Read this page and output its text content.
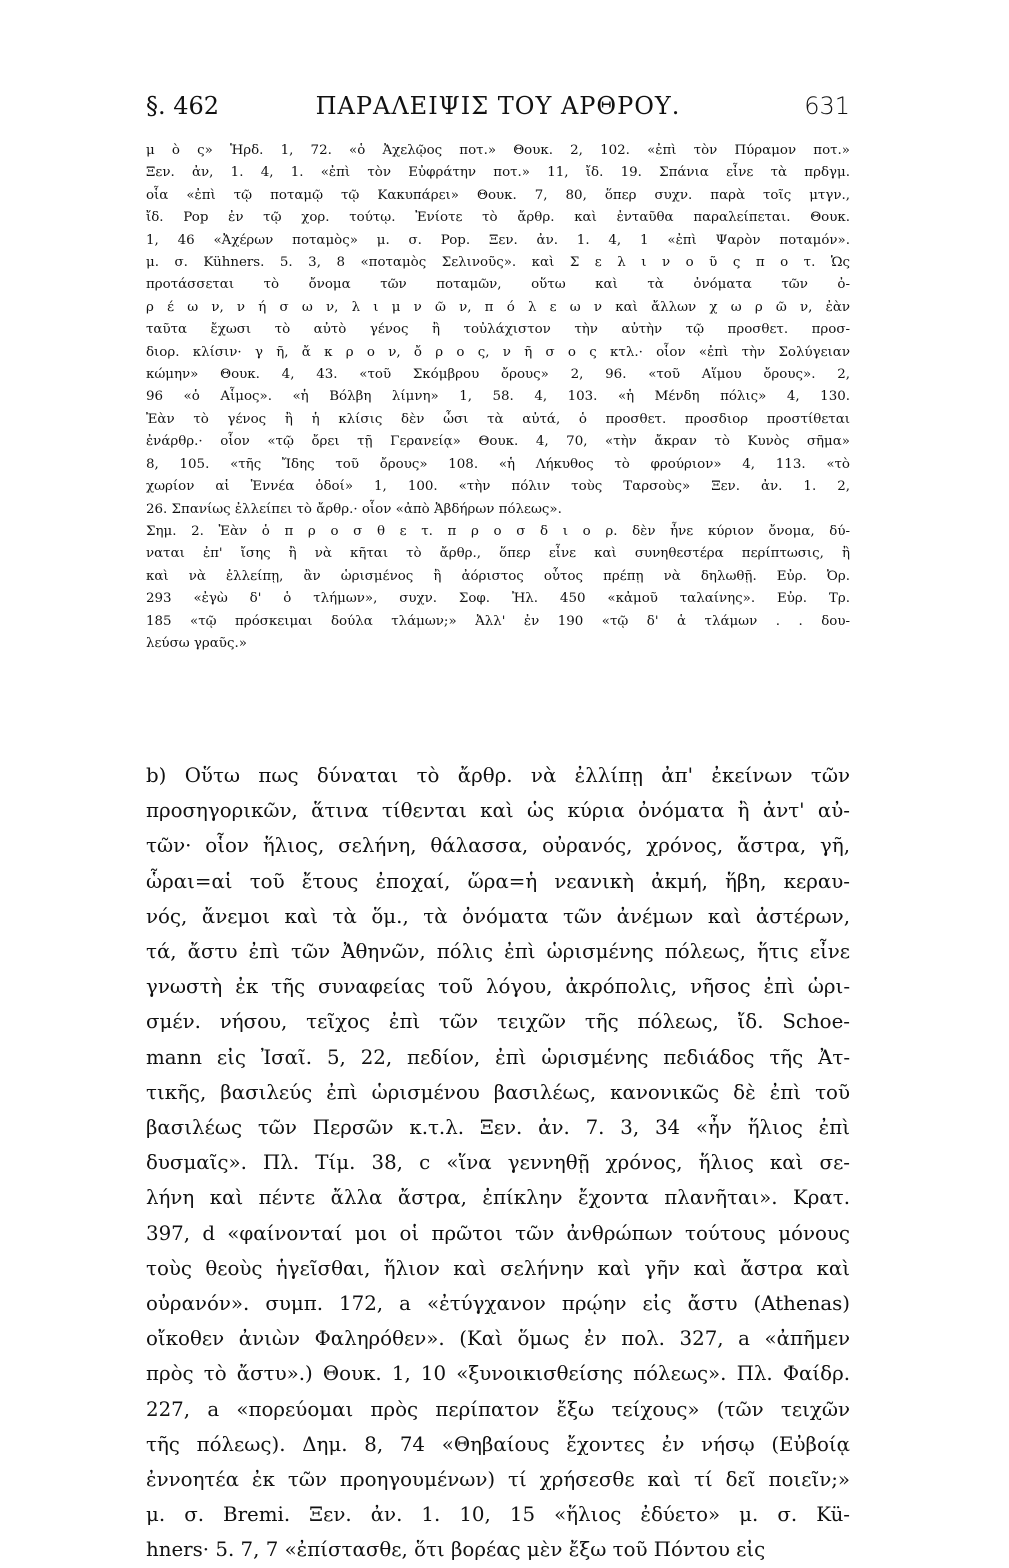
§. 462	ΠΑΡΑΛΕΙΨΙΣ ΤΟΥ ΑΡΘΡΟΥ.	631
μ ὸ ς» Ἡρδ. 1, 72. «ὁ Ἀχελῷος ποτ.» Θουκ. 2, 102. «ἐπὶ τὸν Πύραμον ποτ.»
Ξεν. ἀν, 1. 4, 1. «ἐπὶ τὸν Εὐφράτην ποτ.» 11, ἴδ. 19. Σπάνια εἶνε τὰ πρδγμ.
οἷα «ἐπὶ τῷ ποταμῷ τῷ Κακυπάρει» Θουκ. 7, 80, ὅπερ συχν. παρὰ τοῖς μτγν.,
ἴδ. Pop ἐν τῷ χορ. τούτῳ. Ἐνίοτε τὸ ἄρθρ. καὶ ἐνταῦθα παραλείπεται. Θουκ.
1, 46 «Ἀχέρων ποταμὸς» μ. σ. Pop. Ξεν. ἀν. 1. 4, 1 «ἐπὶ Ψαρὸν ποταμόν».
μ. σ. Kühners. 5. 3, 8 «ποταμὸς Σελινοῦς». καὶ Σ ε λ ι ν ο ῦ ς π ο τ. Ὡς
προτάσσεται τὸ ὄνομα τῶν ποταμῶν, οὕτω καὶ τὰ ὀνόματα τῶν ὀ-
ρ έ ω ν, ν ή σ ω ν, λ ι μ ν ῶ ν, π ό λ ε ω ν καὶ ἄλλων χ ω ρ ῶ ν, ἐὰν
ταῦτα ἔχωσι τὸ αὐτὸ γένος ἢ τοὐλάχιστον τὴν αὐτὴν τῷ προσθετ. προσ-
διορ. κλίσιν· γ ῆ, ἄ κ ρ ο ν, ὄ ρ ο ς, ν ῆ σ ο ς κτλ.· οἷον «ἐπὶ τὴν Σολύγειαν
κώμην» Θουκ. 4, 43. «τοῦ Σκόμβρου ὄρους» 2, 96. «τοῦ Αἵμου ὄρους». 2,
96 «ὁ Αἷμος». «ἡ Βόλβη λίμνη» 1, 58. 4, 103. «ἡ Μένδη πόλις» 4, 130.
Ἐὰν τὸ γένος ἢ ἡ κλίσις δὲν ὦσι τὰ αὐτά, ὁ προσθετ. προσδιορ προστίθεται
ἐνάρθρ.· οἷον «τῷ ὄρει τῇ Γερανείᾳ» Θουκ. 4, 70, «τὴν ἄκραν τὸ Κυνὸς σῆμα»
8, 105. «τῆς Ἴδης τοῦ ὄρους» 108. «ἡ Λήκυθος τὸ φρούριον» 4, 113. «τὸ
χωρίον αἱ Ἐννέα ὁδοί» 1, 100. «τὴν πόλιν τοὺς Ταρσοὺς» Ξεν. ἀν. 1. 2,
26. Σπανίως ἐλλείπει τὸ ἄρθρ.· οἷον «ἀπὸ Ἀβδήρων πόλεως».
Σημ. 2. Ἐὰν ὁ π ρ ο σ θ ε τ. π ρ ο σ δ ι ο ρ. δὲν ἦνε κύριον ὄνομα, δύ-
ναται ἐπ' ἴσης ἢ νὰ κῆται τὸ ἄρθρ., ὅπερ εἶνε καὶ συνηθεστέρα περίπτωσις, ἢ
καὶ νὰ ἐλλείπῃ, ἂν ὡρισμένος ἢ ἀόριστος οὗτος πρέπῃ νὰ δηλωθῇ. Εὐρ. Ὀρ.
293 «ἐγὼ δ' ὁ τλήμων», συχν. Σοφ. Ἠλ. 450 «κἀμοῦ ταλαίνης». Εὐρ. Τρ.
185 «τῷ πρόσκειμαι δούλα τλάμων;» Ἀλλ' ἐν 190 «τῷ δ' ἁ τλάμων . . δου-
λεύσω γραῦς.»
b) Οὕτω πως δύναται τὸ ἄρθρ. νὰ ἐλλίπῃ ἀπ' ἐκείνων τῶν
προσηγορικῶν, ἅτινα τίθενται καὶ ὡς κύρια ὀνόματα ἢ ἀντ' αὐ-
τῶν· οἷον ἥλιος, σελήνη, θάλασσα, οὐρανός, χρόνος, ἄστρα, γῆ,
ὧραι=αἱ τοῦ ἔτους ἐποχαί, ὥρα=ἡ νεανικὴ ἀκμή, ἥβη, κεραυ-
νός, ἄνεμοι καὶ τὰ ὅμ., τὰ ὀνόματα τῶν ἀνέμων καὶ ἀστέρων,
τά, ἄστυ ἐπὶ τῶν Ἀθηνῶν, πόλις ἐπὶ ὡρισμένης πόλεως, ἥτις εἶνε
γνωστὴ ἐκ τῆς συναφείας τοῦ λόγου, ἀκρόπολις, νῆσος ἐπὶ ὡρι-
σμέν. νήσου, τεῖχος ἐπὶ τῶν τειχῶν τῆς πόλεως, ἴδ. Schoe-
mann εἰς Ἰσαῖ. 5, 22, πεδίον, ἐπὶ ὡρισμένης πεδιάδος τῆς Ἀτ-
τικῆς, βασιλεύς ἐπὶ ὡρισμένου βασιλέως, κανονικῶς δὲ ἐπὶ τοῦ
βασιλέως τῶν Περσῶν κ.τ.λ. Ξεν. ἀν. 7. 3, 34 «ἦν ἥλιος ἐπὶ
δυσμαῖς». Πλ. Τίμ. 38, c «ἵνα γεννηθῇ χρόνος, ἥλιος καὶ σε-
λήνη καὶ πέντε ἄλλα ἄστρα, ἐπίκλην ἔχοντα πλανῆται». Κρατ.
397, d «φαίνονταί μοι οἱ πρῶτοι τῶν ἀνθρώπων τούτους μόνους
τοὺς θεοὺς ἡγεῖσθαι, ἥλιον καὶ σελήνην καὶ γῆν καὶ ἄστρα καὶ
οὐρανόν». συμπ. 172, a «ἐτύγχανον πρῴην εἰς ἄστυ (Athenas)
οἴκοθεν ἀνιὼν Φαληρόθεν». (Καὶ ὅμως ἐν πολ. 327, a «ἀπῆμεν
πρὸς τὸ ἄστυ».) Θουκ. 1, 10 «ξυνοικισθείσης πόλεως». Πλ. Φαίδρ.
227, a «πορεύομαι πρὸς περίπατον ἔξω τείχους» (τῶν τειχῶν
τῆς πόλεως). Δημ. 8, 74 «Θηβαίους ἔχοντες ἐν νήσῳ (Εὐβοίᾳ
ἐννοητέα ἐκ τῶν προηγουμένων) τί χρήσεσθε καὶ τί δεῖ ποιεῖν;»
μ. σ. Bremi. Ξεν. ἀν. 1. 10, 15 «ἥλιος ἐδύετο» μ. σ. Kü-
hners· 5. 7, 7 «ἐπίστασθε, ὅτι βορέας μὲν ἔξω τοῦ Πόντου εἰς
